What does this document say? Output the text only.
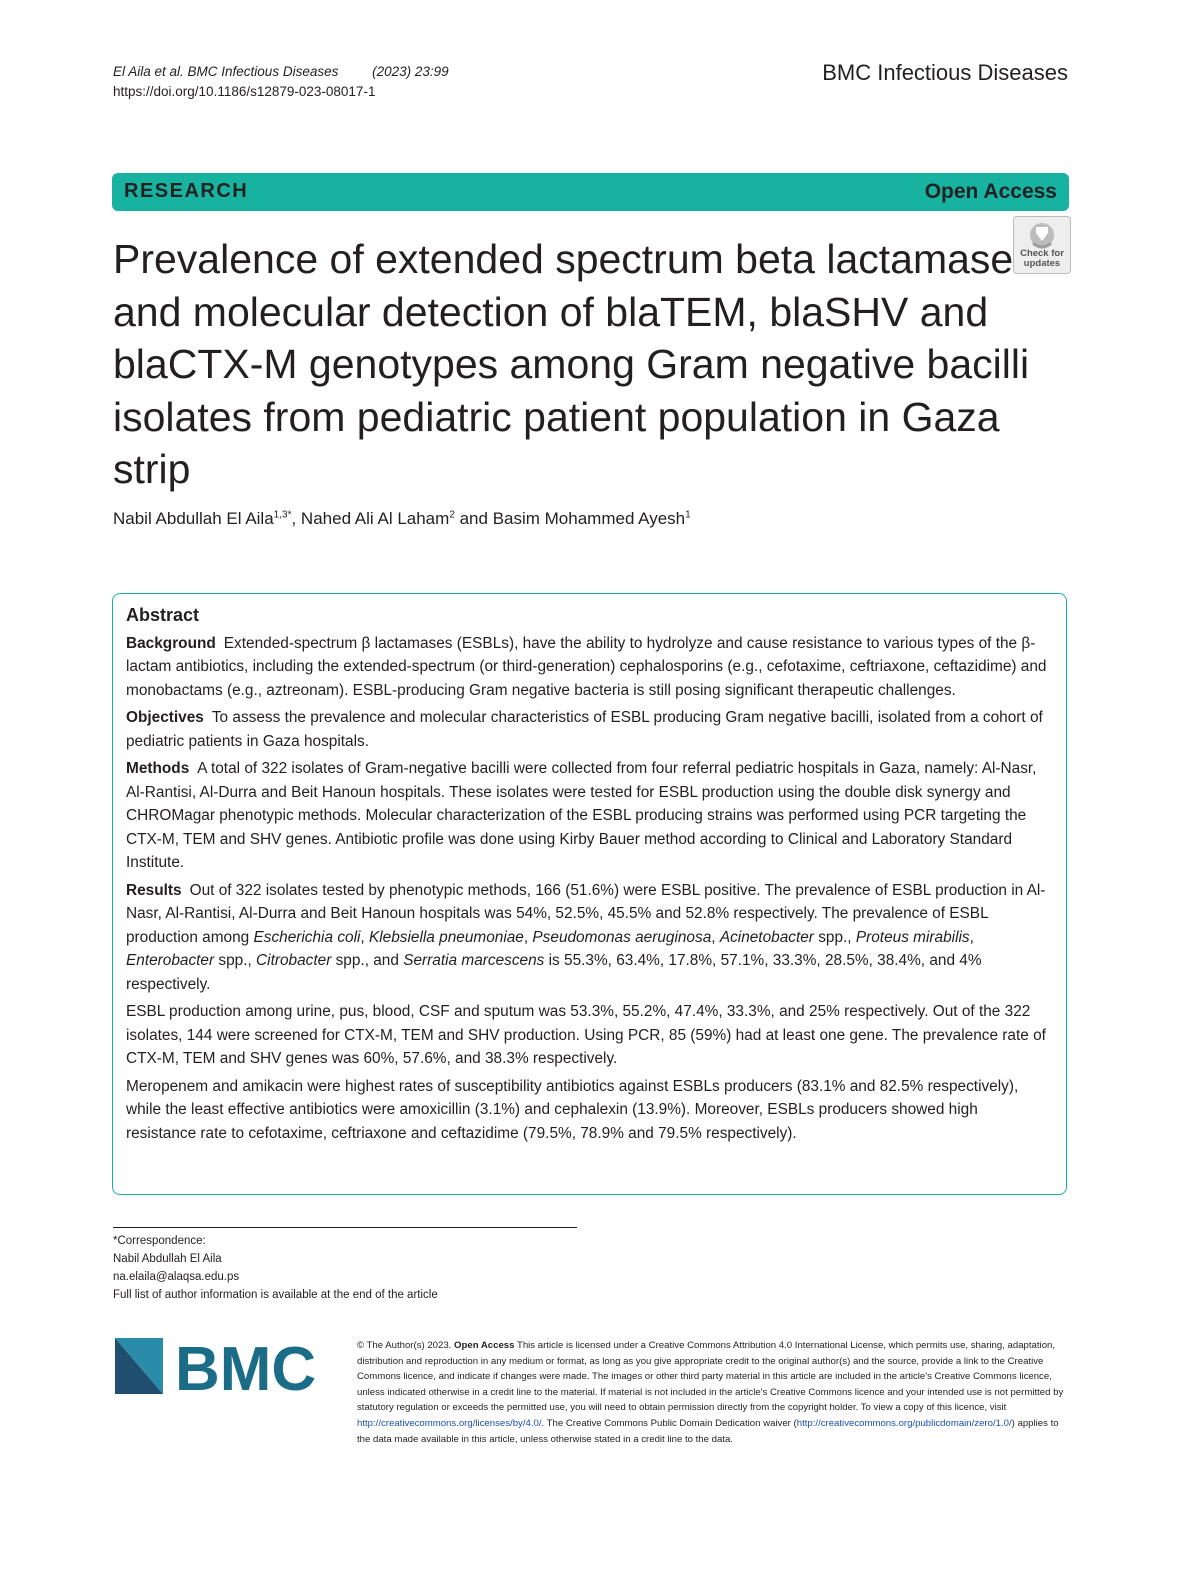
El Aila et al. BMC Infectious Diseases	(2023) 23:99
https://doi.org/10.1186/s12879-023-08017-1
BMC Infectious Diseases
RESEARCH	Open Access
Check for updates
Prevalence of extended spectrum beta lactamase and molecular detection of blaTEM, blaSHV and blaCTX-M genotypes among Gram negative bacilli isolates from pediatric patient population in Gaza strip
Nabil Abdullah El Aila$^{1,3*}$, Nahed Ali Al Laham$^2$ and Basim Mohammed Ayesh$^1$
Abstract

Background Extended-spectrum β lactamases (ESBLs), have the ability to hydrolyze and cause resistance to various types of the β-lactam antibiotics, including the extended-spectrum (or third-generation) cephalosporins (e.g., cefotaxime, ceftriaxone, ceftazidime) and monobactams (e.g., aztreonam). ESBL-producing Gram negative bacteria is still posing significant therapeutic challenges.

Objectives To assess the prevalence and molecular characteristics of ESBL producing Gram negative bacilli, isolated from a cohort of pediatric patients in Gaza hospitals.

Methods A total of 322 isolates of Gram-negative bacilli were collected from four referral pediatric hospitals in Gaza, namely: Al-Nasr, Al-Rantisi, Al-Durra and Beit Hanoun hospitals. These isolates were tested for ESBL production using the double disk synergy and CHROMagar phenotypic methods. Molecular characterization of the ESBL producing strains was performed using PCR targeting the CTX-M, TEM and SHV genes. Antibiotic profile was done using Kirby Bauer method according to Clinical and Laboratory Standard Institute.

Results Out of 322 isolates tested by phenotypic methods, 166 (51.6%) were ESBL positive. The prevalence of ESBL production in Al-Nasr, Al-Rantisi, Al-Durra and Beit Hanoun hospitals was 54%, 52.5%, 45.5% and 52.8% respectively. The prevalence of ESBL production among Escherichia coli, Klebsiella pneumoniae, Pseudomonas aeruginosa, Acinetobacter spp., Proteus mirabilis, Enterobacter spp., Citrobacter spp., and Serratia marcescens is 55.3%, 63.4%, 17.8%, 57.1%, 33.3%, 28.5%, 38.4%, and 4% respectively.

ESBL production among urine, pus, blood, CSF and sputum was 53.3%, 55.2%, 47.4%, 33.3%, and 25% respectively. Out of the 322 isolates, 144 were screened for CTX-M, TEM and SHV production. Using PCR, 85 (59%) had at least one gene. The prevalence rate of CTX-M, TEM and SHV genes was 60%, 57.6%, and 38.3% respectively.

Meropenem and amikacin were highest rates of susceptibility antibiotics against ESBLs producers (83.1% and 82.5% respectively), while the least effective antibiotics were amoxicillin (3.1%) and cephalexin (13.9%). Moreover, ESBLs producers showed high resistance rate to cefotaxime, ceftriaxone and ceftazidime (79.5%, 78.9% and 79.5% respectively).

*Correspondence:
Nabil Abdullah El Aila
na.elaila@alaqsa.edu.ps
Full list of author information is available at the end of the article
BMC	© The Author(s) 2023. Open Access This article is licensed under a Creative Commons Attribution 4.0 International License, which permits use, sharing, adaptation, distribution and reproduction in any medium or format, as long as you give appropriate credit to the original author(s) and the source, provide a link to the Creative Commons licence, and indicate if changes were made. The images or other third party material in this article are included in the article's Creative Commons licence, unless indicated otherwise in a credit line to the material. If material is not included in the article's Creative Commons licence and your intended use is not permitted by statutory regulation or exceeds the permitted use, you will need to obtain permission directly from the copyright holder. To view a copy of this licence, visit http://creativecommons.org/licenses/by/4.0/. The Creative Commons Public Domain Dedication waiver (http://creativecommons.org/publicdomain/zero/1.0/) applies to the data made available in this article, unless otherwise stated in a credit line to the data.
